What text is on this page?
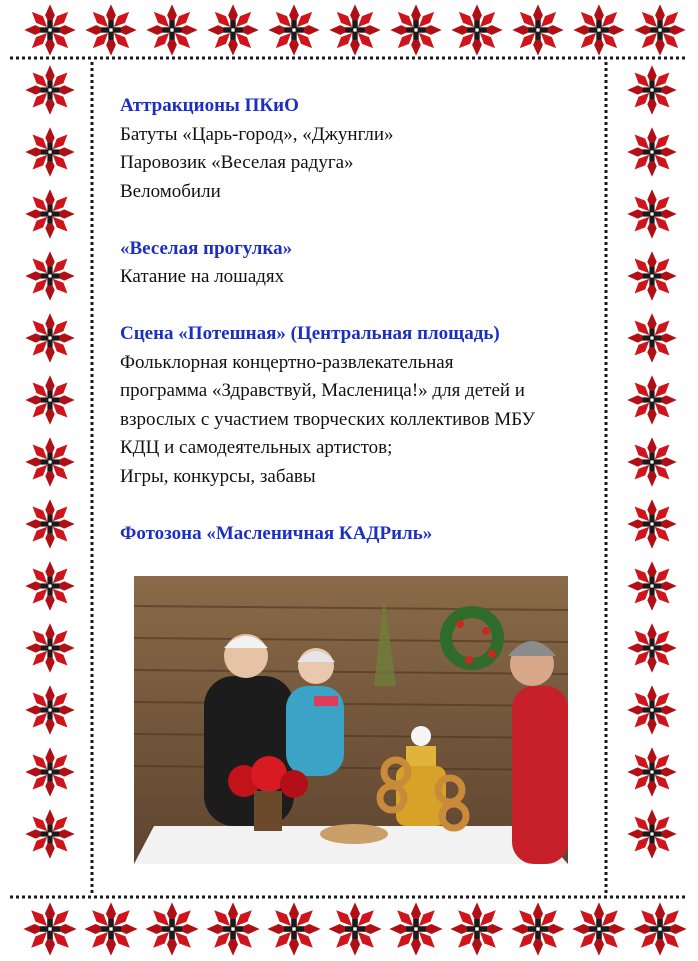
Аттракционы ПКиО

Батуты «Царь-город», «Джунгли»

Паровозик «Веселая радуга»

Веломобили

«Веселая прогулка»

Катание на лошадях

Сцена «Потешная» (Центральная площадь)

Фольклорная концертно-развлекательная

программа «Здравствуй, Масленица!» для детей и

взрослых с участием творческих коллективов МБУ

КДЦ и самодеятельных артистов;

Игры, конкурсы, забавы

Фотозона «Масленичная КАДРиль»
